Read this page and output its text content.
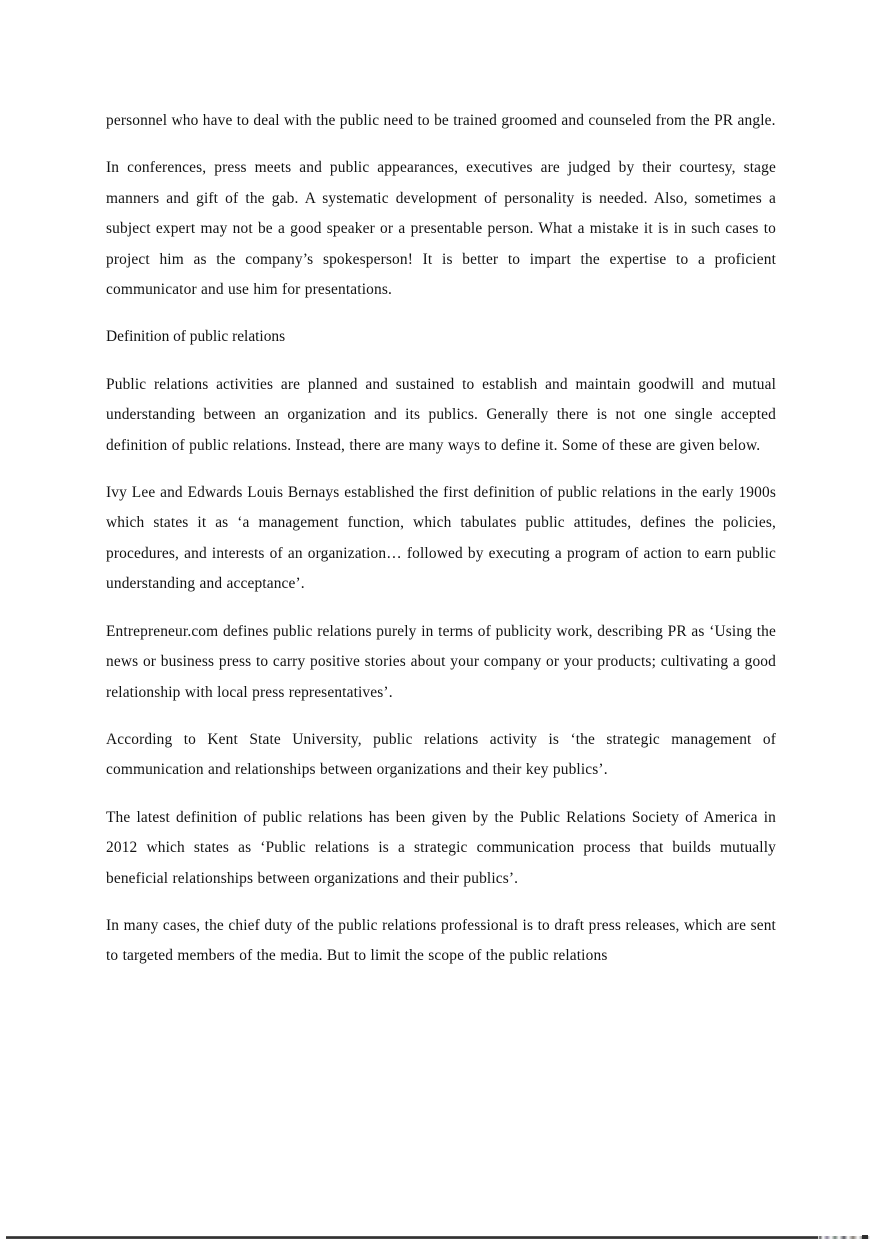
personnel who have to deal with the public need to be trained groomed and counseled from the PR angle.

In conferences, press meets and public appearances, executives are judged by their courtesy, stage manners and gift of the gab. A systematic development of personality is needed. Also, sometimes a subject expert may not be a good speaker or a presentable person. What a mistake it is in such cases to project him as the company’s spokesperson! It is better to impart the expertise to a proficient communicator and use him for presentations.

Definition of public relations

Public relations activities are planned and sustained to establish and maintain goodwill and mutual understanding between an organization and its publics. Generally there is not one single accepted definition of public relations. Instead, there are many ways to define it. Some of these are given below.

Ivy Lee and Edwards Louis Bernays established the first definition of public relations in the early 1900s which states it as ‘a management function, which tabulates public attitudes, defines the policies, procedures, and interests of an organization… followed by executing a program of action to earn public understanding and acceptance’.

Entrepreneur.com defines public relations purely in terms of publicity work, describing PR as ‘Using the news or business press to carry positive stories about your company or your products; cultivating a good relationship with local press representatives’.

According to Kent State University, public relations activity is ‘the strategic management of communication and relationships between organizations and their key publics’.

The latest definition of public relations has been given by the Public Relations Society of America in 2012 which states as ‘Public relations is a strategic communication process that builds mutually beneficial relationships between organizations and their publics’.

In many cases, the chief duty of the public relations professional is to draft press releases, which are sent to targeted members of the media. But to limit the scope of the public relations
